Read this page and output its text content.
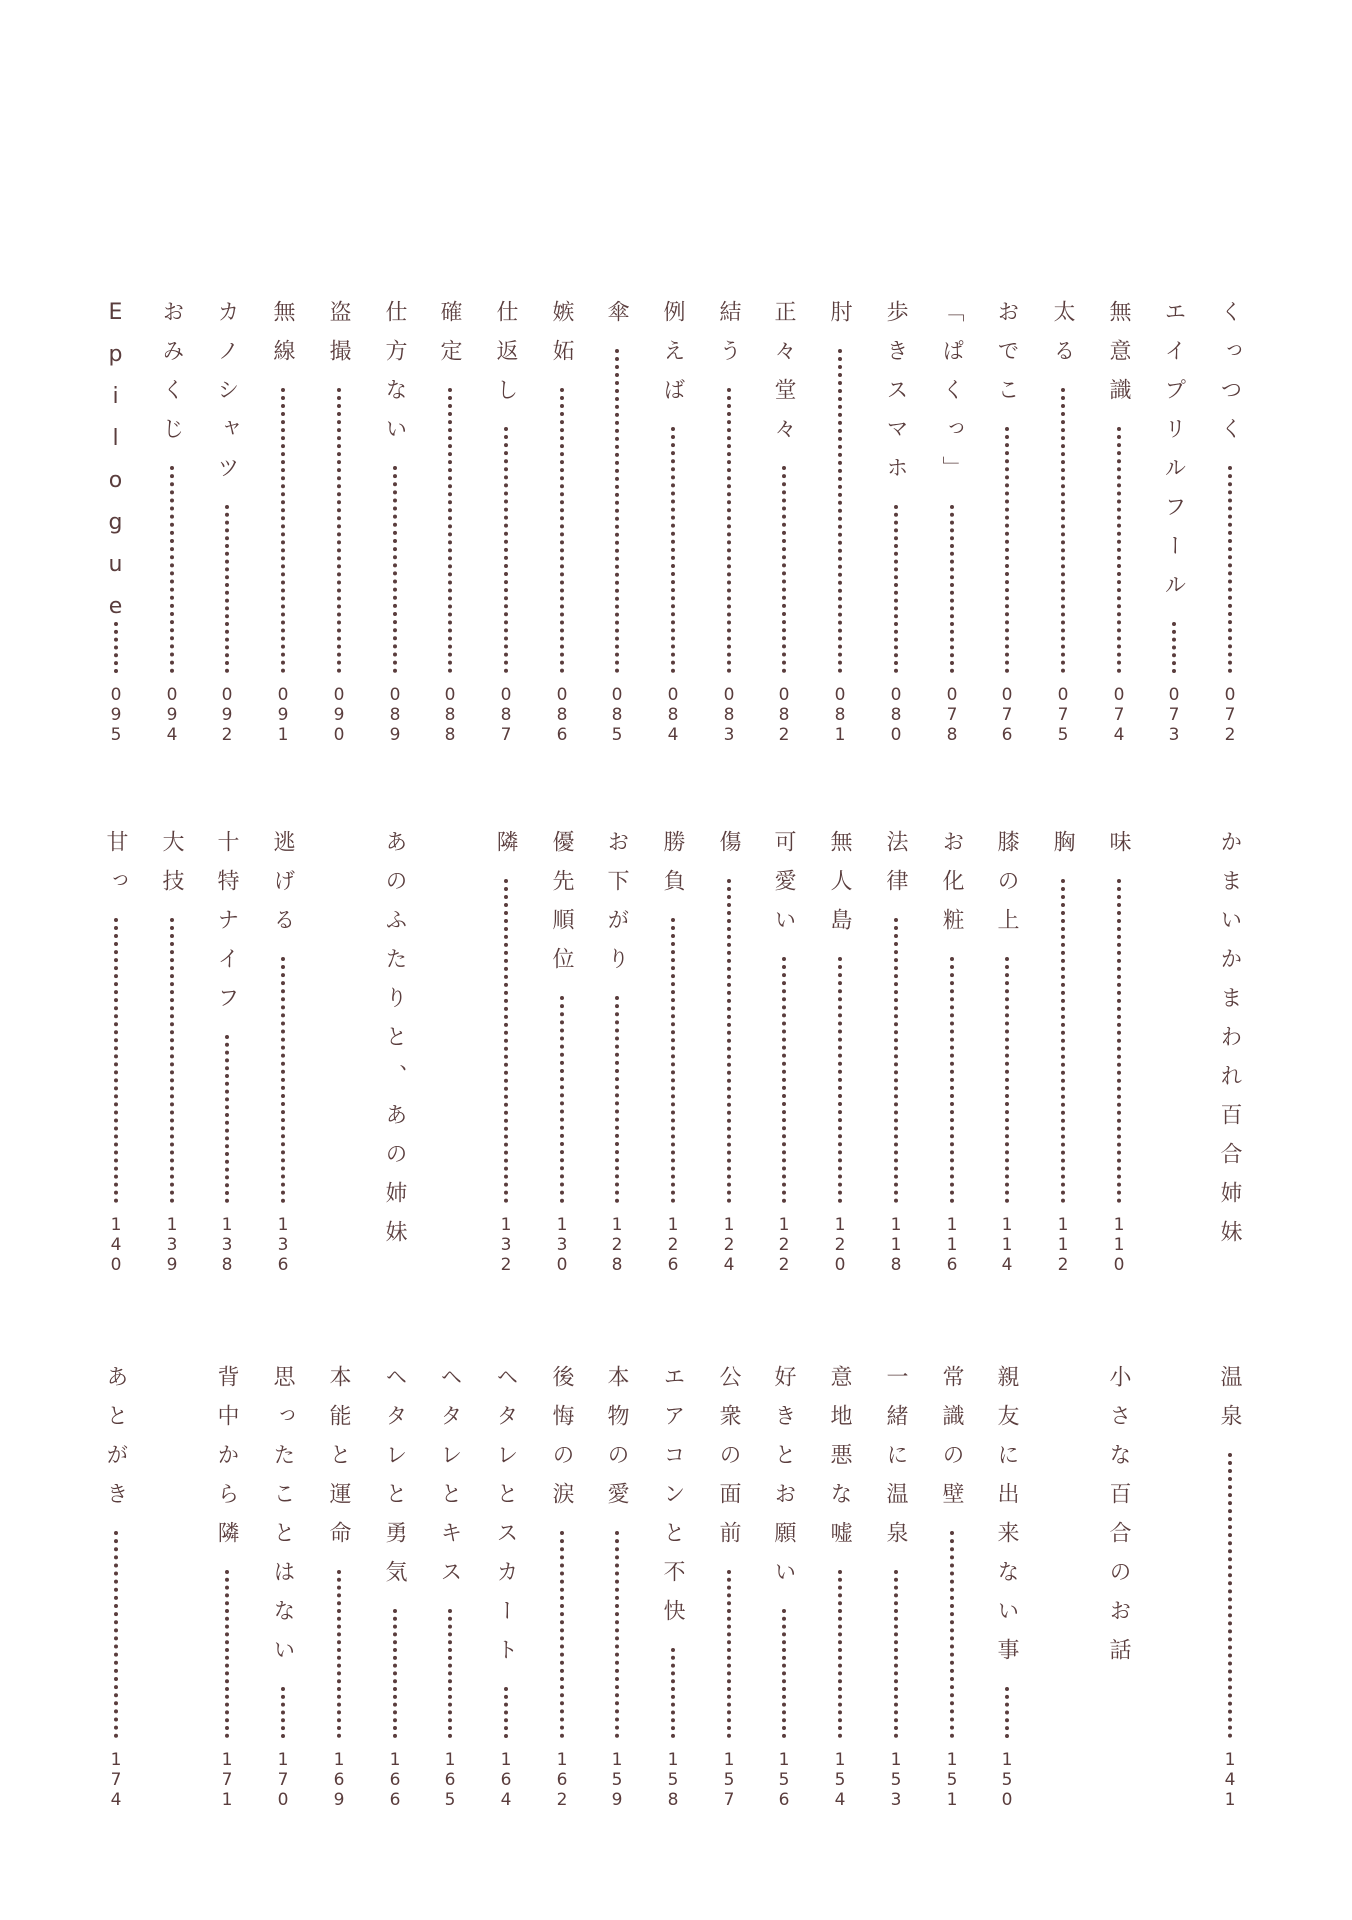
くっつく
072
エイプリルフール
073
無意識
074
太る
075
おでこ
076
「ぱくっ」
078
歩きスマホ
080
肘
081
正々堂々
082
結う
083
例えば
084
傘
085
嫉妬
086
仕返し
087
確定
088
仕方ない
089
盗撮
090
無線
091
カノシャツ
092
おみくじ
094
Epilogue
095
かまいかまわれ百合姉妹
味
110
胸
112
膝の上
114
お化粧
116
法律
118
無人島
120
可愛い
122
傷
124
勝負
126
お下がり
128
優先順位
130
隣
132
あのふたりと、あの姉妹
逃げる
136
十特ナイフ
138
大技
139
甘っ
140
温泉
141
小さな百合のお話
親友に出来ない事
150
常識の壁
151
一緒に温泉
153
意地悪な嘘
154
好きとお願い
156
公衆の面前
157
エアコンと不快
158
本物の愛
159
後悔の涙
162
ヘタレとスカート
164
ヘタレとキス
165
ヘタレと勇気
166
本能と運命
169
思ったことはない
170
背中から隣
171
あとがき
174
